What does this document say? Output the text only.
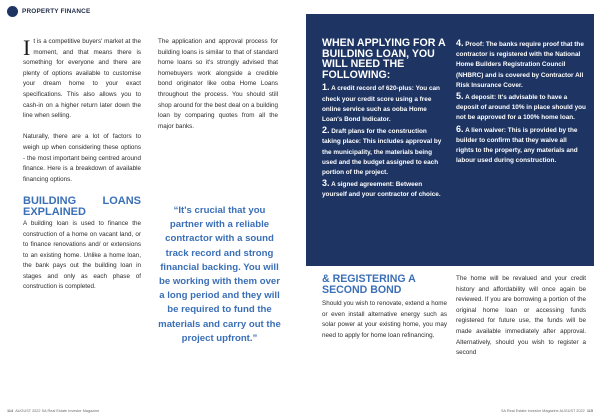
PROPERTY FINANCE

It is a competitive buyers' market at the moment, and that means there is something for everyone and there are plenty of options available to customise your dream home to your exact specifications. This also allows you to cash-in on a higher return later down the line when selling.

Naturally, there are a lot of factors to weigh up when considering these options - the most important being centred around finance. Here is a breakdown of available financing options.

BUILDING LOANS EXPLAINED

A building loan is used to finance the construction of a home on vacant land, or to finance renovations and/ or extensions to an existing home. Unlike a home loan, the bank pays out the building loan in stages and only as each phase of construction is completed.

The application and approval process for building loans is similar to that of standard home loans so it's strongly advised that homebuyers work alongside a credible bond originator like ooba Home Loans throughout the process. You should still shop around for the best deal on a building loan by comparing quotes from all the major banks.

“It's crucial that you partner with a reliable contractor with a sound track record and strong financial backing. You will be working with them over a long period and they will be required to fund the materials and carry out the project upfront.”
WHEN APPLYING FOR A BUILDING LOAN, YOU WILL NEED THE FOLLOWING:
1. A credit record of 620-plus: You can check your credit score using a free online service such as ooba Home Loan's Bond Indicator.
2. Draft plans for the construction taking place: This includes approval by the municipality, the materials being used and the budget assigned to each portion of the project.
3. A signed agreement: Between yourself and your contractor of choice.
4. Proof: The banks require proof that the contractor is registered with the National Home Builders Registration Council (NHBRC) and is covered by Contractor All Risk Insurance Cover.
5. A deposit: It's advisable to have a deposit of around 10% in place should you not be approved for a 100% home loan.
6. A lien waiver: This is provided by the builder to confirm that they waive all rights to the property, any materials and labour used during construction.
& REGISTERING A SECOND BOND

Should you wish to renovate, extend a home or even install alternative energy such as solar power at your existing home, you may need to apply for home loan refinancing.

The home will be revalued and your credit history and affordability will once again be reviewed. If you are borrowing a portion of the original home loan or accessing funds registered for future use, the funds will be made available immediately after approval. Alternatively, should you wish to register a second

114 AUGUST 2022 SA Real Estate Investor Magazine	SA Real Estate Investor Magazine AUGUST 2022 115
